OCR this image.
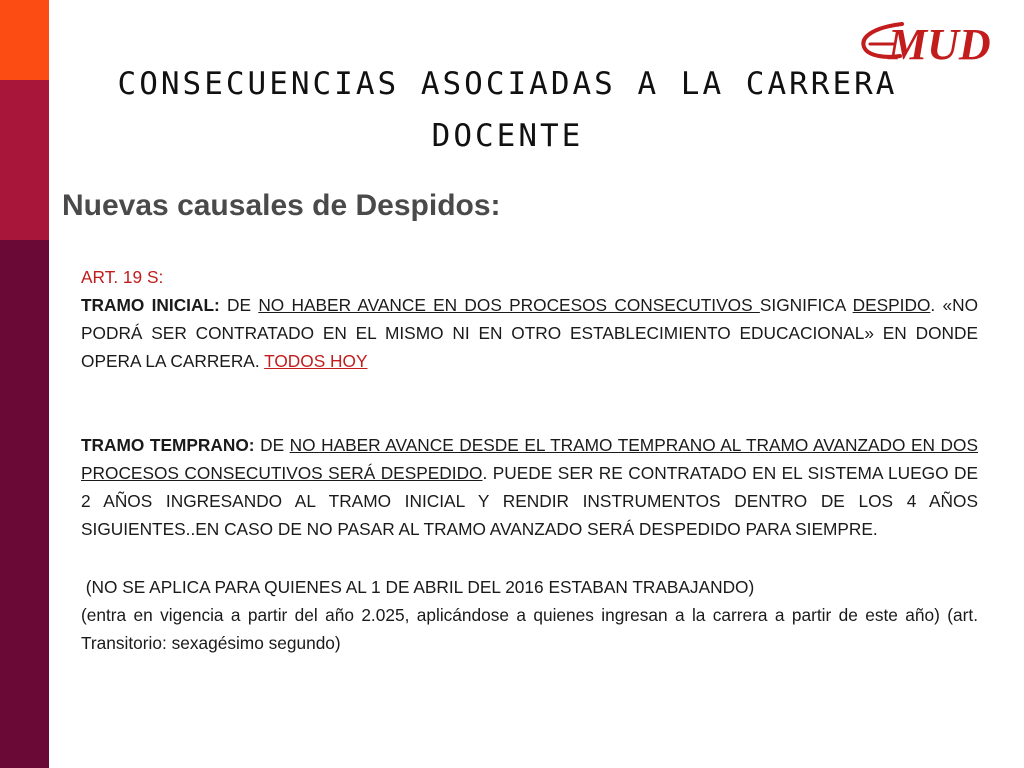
MUD
CONSECUENCIAS ASOCIADAS A LA CARRERA
DOCENTE
Nuevas causales de Despidos:

ART. 19 S:

TRAMO INICIAL: DE NO HABER AVANCE EN DOS PROCESOS CONSECUTIVOS SIGNIFICA DESPIDO. «NO PODRÁ SER CONTRATADO EN EL MISMO NI EN OTRO ESTABLECIMIENTO EDUCACIONAL» EN DONDE OPERA LA CARRERA. TODOS HOY

TRAMO TEMPRANO: DE NO HABER AVANCE DESDE EL TRAMO TEMPRANO AL TRAMO AVANZADO EN DOS PROCESOS CONSECUTIVOS SERÁ DESPEDIDO. PUEDE SER RE CONTRATADO EN EL SISTEMA LUEGO DE 2 AÑOS INGRESANDO AL TRAMO INICIAL Y RENDIR INSTRUMENTOS DENTRO DE LOS 4 AÑOS SIGUIENTES..EN CASO DE NO PASAR AL TRAMO AVANZADO SERÁ DESPEDIDO PARA SIEMPRE.

(NO SE APLICA PARA QUIENES AL 1 DE ABRIL DEL 2016 ESTABAN TRABAJANDO)

(entra en vigencia a partir del año 2.025, aplicándose a quienes ingresan a la carrera a partir de este año) (art. Transitorio: sexagésimo segundo)
